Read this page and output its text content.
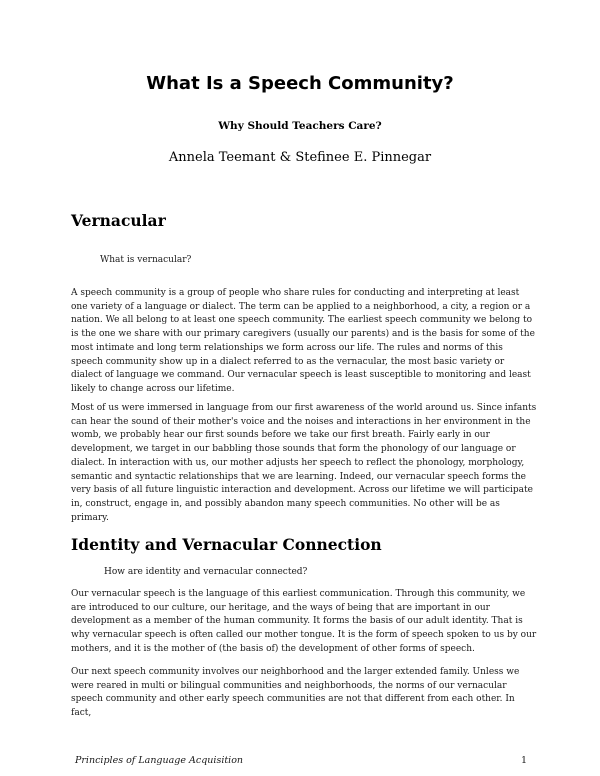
What Is a Speech Community?
Why Should Teachers Care?
Annela Teemant & Stefinee E. Pinnegar
Vernacular
What is vernacular?

A speech community is a group of people who share rules for conducting and interpreting at least one variety of a language or dialect. The term can be applied to a neighborhood, a city, a region or a nation. We all belong to at least one speech community. The earliest speech community we belong to is the one we share with our primary caregivers (usually our parents) and is the basis for some of the most intimate and long term relationships we form across our life. The rules and norms of this speech community show up in a dialect referred to as the vernacular, the most basic variety or dialect of language we command. Our vernacular speech is least susceptible to monitoring and least likely to change across our lifetime.

Most of us were immersed in language from our first awareness of the world around us. Since infants can hear the sound of their mother's voice and the noises and interactions in her environment in the womb, we probably hear our first sounds before we take our first breath. Fairly early in our development, we target in our babbling those sounds that form the phonology of our language or dialect. In interaction with us, our mother adjusts her speech to reflect the phonology, morphology, semantic and syntactic relationships that we are learning. Indeed, our vernacular speech forms the very basis of all future linguistic interaction and development. Across our lifetime we will participate in, construct, engage in, and possibly abandon many speech communities. No other will be as primary.

Identity and Vernacular Connection
How are identity and vernacular connected?

Our vernacular speech is the language of this earliest communication. Through this community, we are introduced to our culture, our heritage, and the ways of being that are important in our development as a member of the human community. It forms the basis of our adult identity. That is why vernacular speech is often called our mother tongue. It is the form of speech spoken to us by our mothers, and it is the mother of (the basis of) the development of other forms of speech.

Our next speech community involves our neighborhood and the larger extended family. Unless we were reared in multi or bilingual communities and neighborhoods, the norms of our vernacular speech community and other early speech communities are not that different from each other. In fact,

Principles of Language Acquisition	1
